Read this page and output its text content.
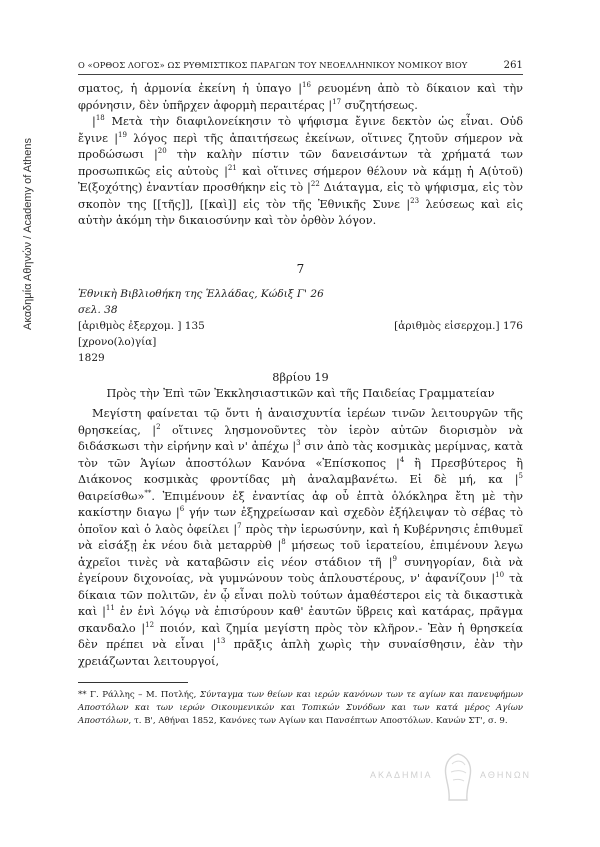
Ακαδημία Αθηνών / Academy of Athens
Ο «ΟΡΘΟΣ ΛΟΓΟΣ» ΩΣ ΡΥΘΜΙΣΤΙΚΟΣ ΠΑΡΑΓΩΝ ΤΟΥ ΝΕΟΕΛΛΗΝΙΚΟΥ ΝΟΜΙΚΟΥ ΒΙΟΥ	261

σματος, ἡ ἁρμονία ἐκείνη ἡ ὑπαγο $|^{16}$ ρευομένη ἀπὸ τὸ δίκαιον καὶ τὴν φρόνησιν, δὲν ὑπῆρχεν ἀφορμὴ περαιτέρας $|^{17}$ συζητήσεως.

$|^{18}$ Μετὰ τὴν διαφιλονείκησιν τὸ ψήφισμα ἔγινε δεκτὸν ὡς εἶναι. Οὐδ ἔγινε $|^{19}$ λόγος περὶ τῆς ἀπαιτήσεως ἐκείνων, οἵτινες ζητοῦν σήμερον νὰ προδώσωσι $|^{20}$ τὴν καλὴν πίστιν τῶν δανεισάντων τὰ χρήματά των προσωπικῶς εἰς αὐτοὺς $|^{21}$ καὶ οἵτινες σήμερον θέλουν νὰ κάμῃ ἡ Α(ὐτοῦ) Ἐ(ξοχότης) ἐναντίαν προσθήκην εἰς τὸ $|^{22}$ Διάταγμα, εἰς τὸ ψήφισμα, εἰς τὸν σκοπὸν της [[τῆς]], [[καὶ]] εἰς τὸν τῆς Ἐθνικῆς Συνε $|^{23}$ λεύσεως καὶ εἰς αὐτὴν ἀκόμη τὴν δικαιοσύνην καὶ τὸν ὀρθὸν λόγον.

7
Ἐθνικὴ Βιβλιοθήκη της Ἑλλάδας, Κώδιξ Γ' 26
σελ. 38
[ἀριθμὸς ἐξερχομ. ] 135	[ἀριθμὸς εἰσερχομ.] 176
[χρονο(λο)γία]
1829
8βρίου 19
Πρὸς τὴν Ἐπὶ τῶν Ἐκκλησιαστικῶν καὶ τῆς Παιδείας Γραμματείαν

Μεγίστη φαίνεται τῷ ὄντι ἡ ἀναισχυντία ἱερέων τινῶν λειτουργῶν τῆς θρησκείας, $|^2$ οἵτινες λησμονοῦντες τὸν ἱερὸν αὐτῶν διορισμὸν νὰ διδάσκωσι τὴν εἰρήνην καὶ ν' ἀπέχω $|^3$ σιν ἀπὸ τὰς κοσμικὰς μερίμνας, κατὰ τὸν τῶν Ἁγίων ἀποστόλων Κανόνα «Ἐπίσκοπος $|^4$ ἢ Πρεσβύτερος ἢ Διάκονος κοσμικὰς φροντίδας μὴ ἀναλαμβανέτω. Εἰ δὲ μή, κα $|^5$ θαιρείσθω»**. Ἐπιμένουν ἐξ ἐναντίας ἀφ οὗ ἑπτὰ ὁλόκληρα ἔτη μὲ τὴν κακίστην διαγω $|^6$ γήν των ἐξηχρείωσαν καὶ σχεδὸν ἐξήλειψαν τὸ σέβας τὸ ὁποῖον καὶ ὁ λαὸς ὀφείλει $|^7$ πρὸς τὴν ἱερωσύνην, καὶ ἡ Κυβέρνησις ἐπιθυμεῖ νὰ εἰσάξῃ ἐκ νέου διὰ μεταρρὺθ $|^8$ μήσεως τοῦ ἱερατείου, ἐπιμένουν λεγω ἀχρεῖοι τινὲς νὰ καταβῶσιν εἰς νέον στάδιον τῆ $|^9$ συνηγορίαν, διὰ νὰ ἐγείρουν διχονοίας, νὰ γυμνώνουν τοὺς ἁπλουστέρους, ν' ἀφανίζουν $|^{10}$ τὰ δίκαια τῶν πολιτῶν, ἐν ᾧ εἶναι πολὺ τούτων ἀμαθέστεροι εἰς τὰ δικαστικὰ καὶ $|^{11}$ ἐν ἑνὶ λόγῳ νὰ ἐπισύρουν καθ' ἑαυτῶν ὕβρεις καὶ κατάρας, πρᾶγμα σκανδαλο $|^{12}$ ποιόν, καὶ ζημία μεγίστη πρὸς τὸν κλῆρον.- Ἐὰν ἡ θρησκεία δὲν πρέπει νὰ εἶναι $|^{13}$ πρᾶξις ἁπλὴ χωρὶς τὴν συναίσθησιν, ἐὰν τὴν χρειάζωνται λειτουργοί,

** Γ. Ράλλης – Μ. Ποτλής, Σύνταγμα των θείων και ιερών κανόνων των τε αγίων και πανευφήμων Αποστόλων και των ιερών Οικουμενικών και Τοπικών Συνόδων και των κατά μέρος Αγίων Αποστόλων, τ. Β', Αθήναι 1852, Κανόνες των Αγίων και Πανσέπτων Αποστόλων. Κανών ΣΤ', σ. 9.
ΑΚΑΔΗΜΙΑ	ΑΘΗΝΩΝ
